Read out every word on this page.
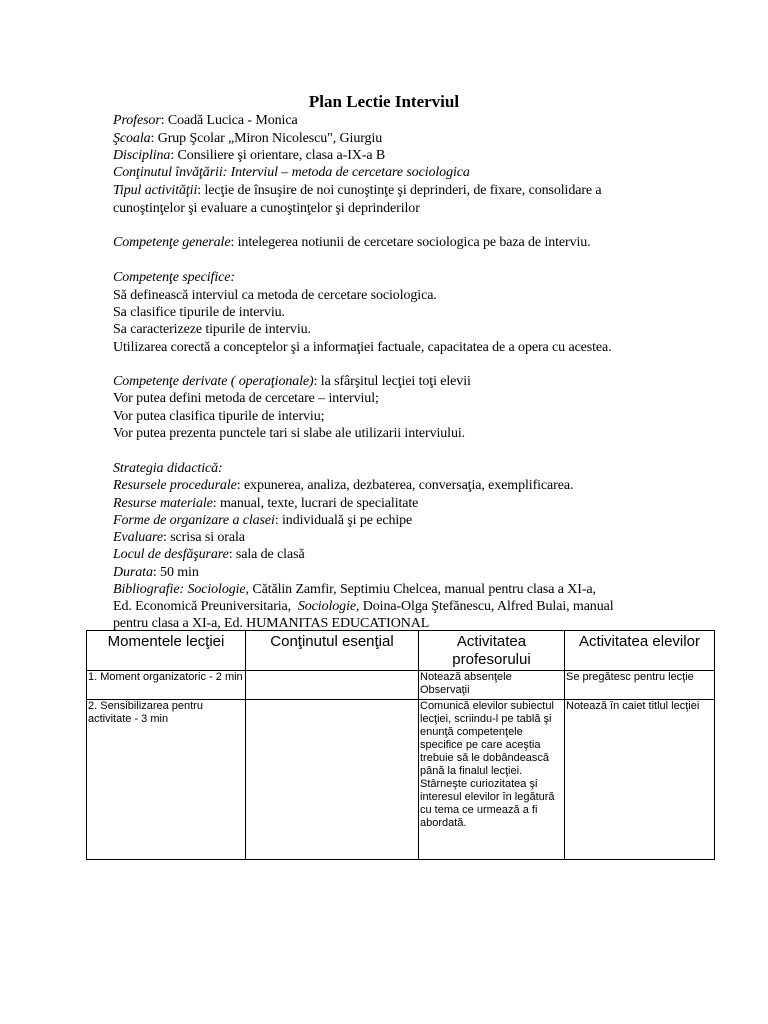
Plan Lectie Interviul
Profesor: Coadă Lucica - Monica
Şcoala: Grup Şcolar „Miron Nicolescu", Giurgiu
Disciplina: Consiliere şi orientare, clasa a-IX-a B
Conţinutul învăţării: Interviul – metoda de cercetare sociologica
Tipul activităţii: lecţie de însuşire de noi cunoştinţe şi deprinderi, de fixare, consolidare a
cunoştinţelor şi evaluare a cunoştinţelor şi deprinderilor
Competenţe generale: intelegerea notiunii de cercetare sociologica pe baza de interviu.
Competenţe specifice:
Să definească interviul ca metoda de cercetare sociologica.
Sa clasifice tipurile de interviu.
Sa caracterizeze tipurile de interviu.
Utilizarea corectă a conceptelor şi a informaţiei factuale, capacitatea de a opera cu acestea.
Competenţe derivate ( operaţionale): la sfârşitul lecţiei toţi elevii
Vor putea defini metoda de cercetare – interviul;
Vor putea clasifica tipurile de interviu;
Vor putea prezenta punctele tari si slabe ale utilizarii interviului.
Strategia didactică:
Resursele procedurale: expunerea, analiza, dezbaterea, conversaţia, exemplificarea.
Resurse materiale: manual, texte, lucrari de specialitate
Forme de organizare a clasei: individuală şi pe echipe
Evaluare: scrisa si orala
Locul de desfăşurare: sala de clasă
Durata: 50 min
Bibliografie: Sociologie, Cătălin Zamfir, Septimiu Chelcea, manual pentru clasa a XI-a,
Ed. Economică Preuniversitaria,  Sociologie, Doina-Olga Ştefănescu, Alfred Bulai, manual
pentru clasa a XI-a, Ed. HUMANITAS EDUCATIONAL
Momentele lecţiei	Conţinutul esenţial	Activitatea profesorului	Activitatea elevilor
1. Moment organizatoric - 2 min		Notează absenţele
Observaţii	Se pregătesc pentru lecţie
2. Sensibilizarea pentru activitate - 3 min		Comunică elevilor subiectul lecţiei, scriindu-l pe tablă şi enunţă competenţele specifice pe care aceştia trebuie să le dobândească până la finalul lecţiei.
Stârneşte curiozitatea şi interesul elevilor în legătură cu tema ce urmează a fi abordată.	Notează în caiet titlul lecţiei
